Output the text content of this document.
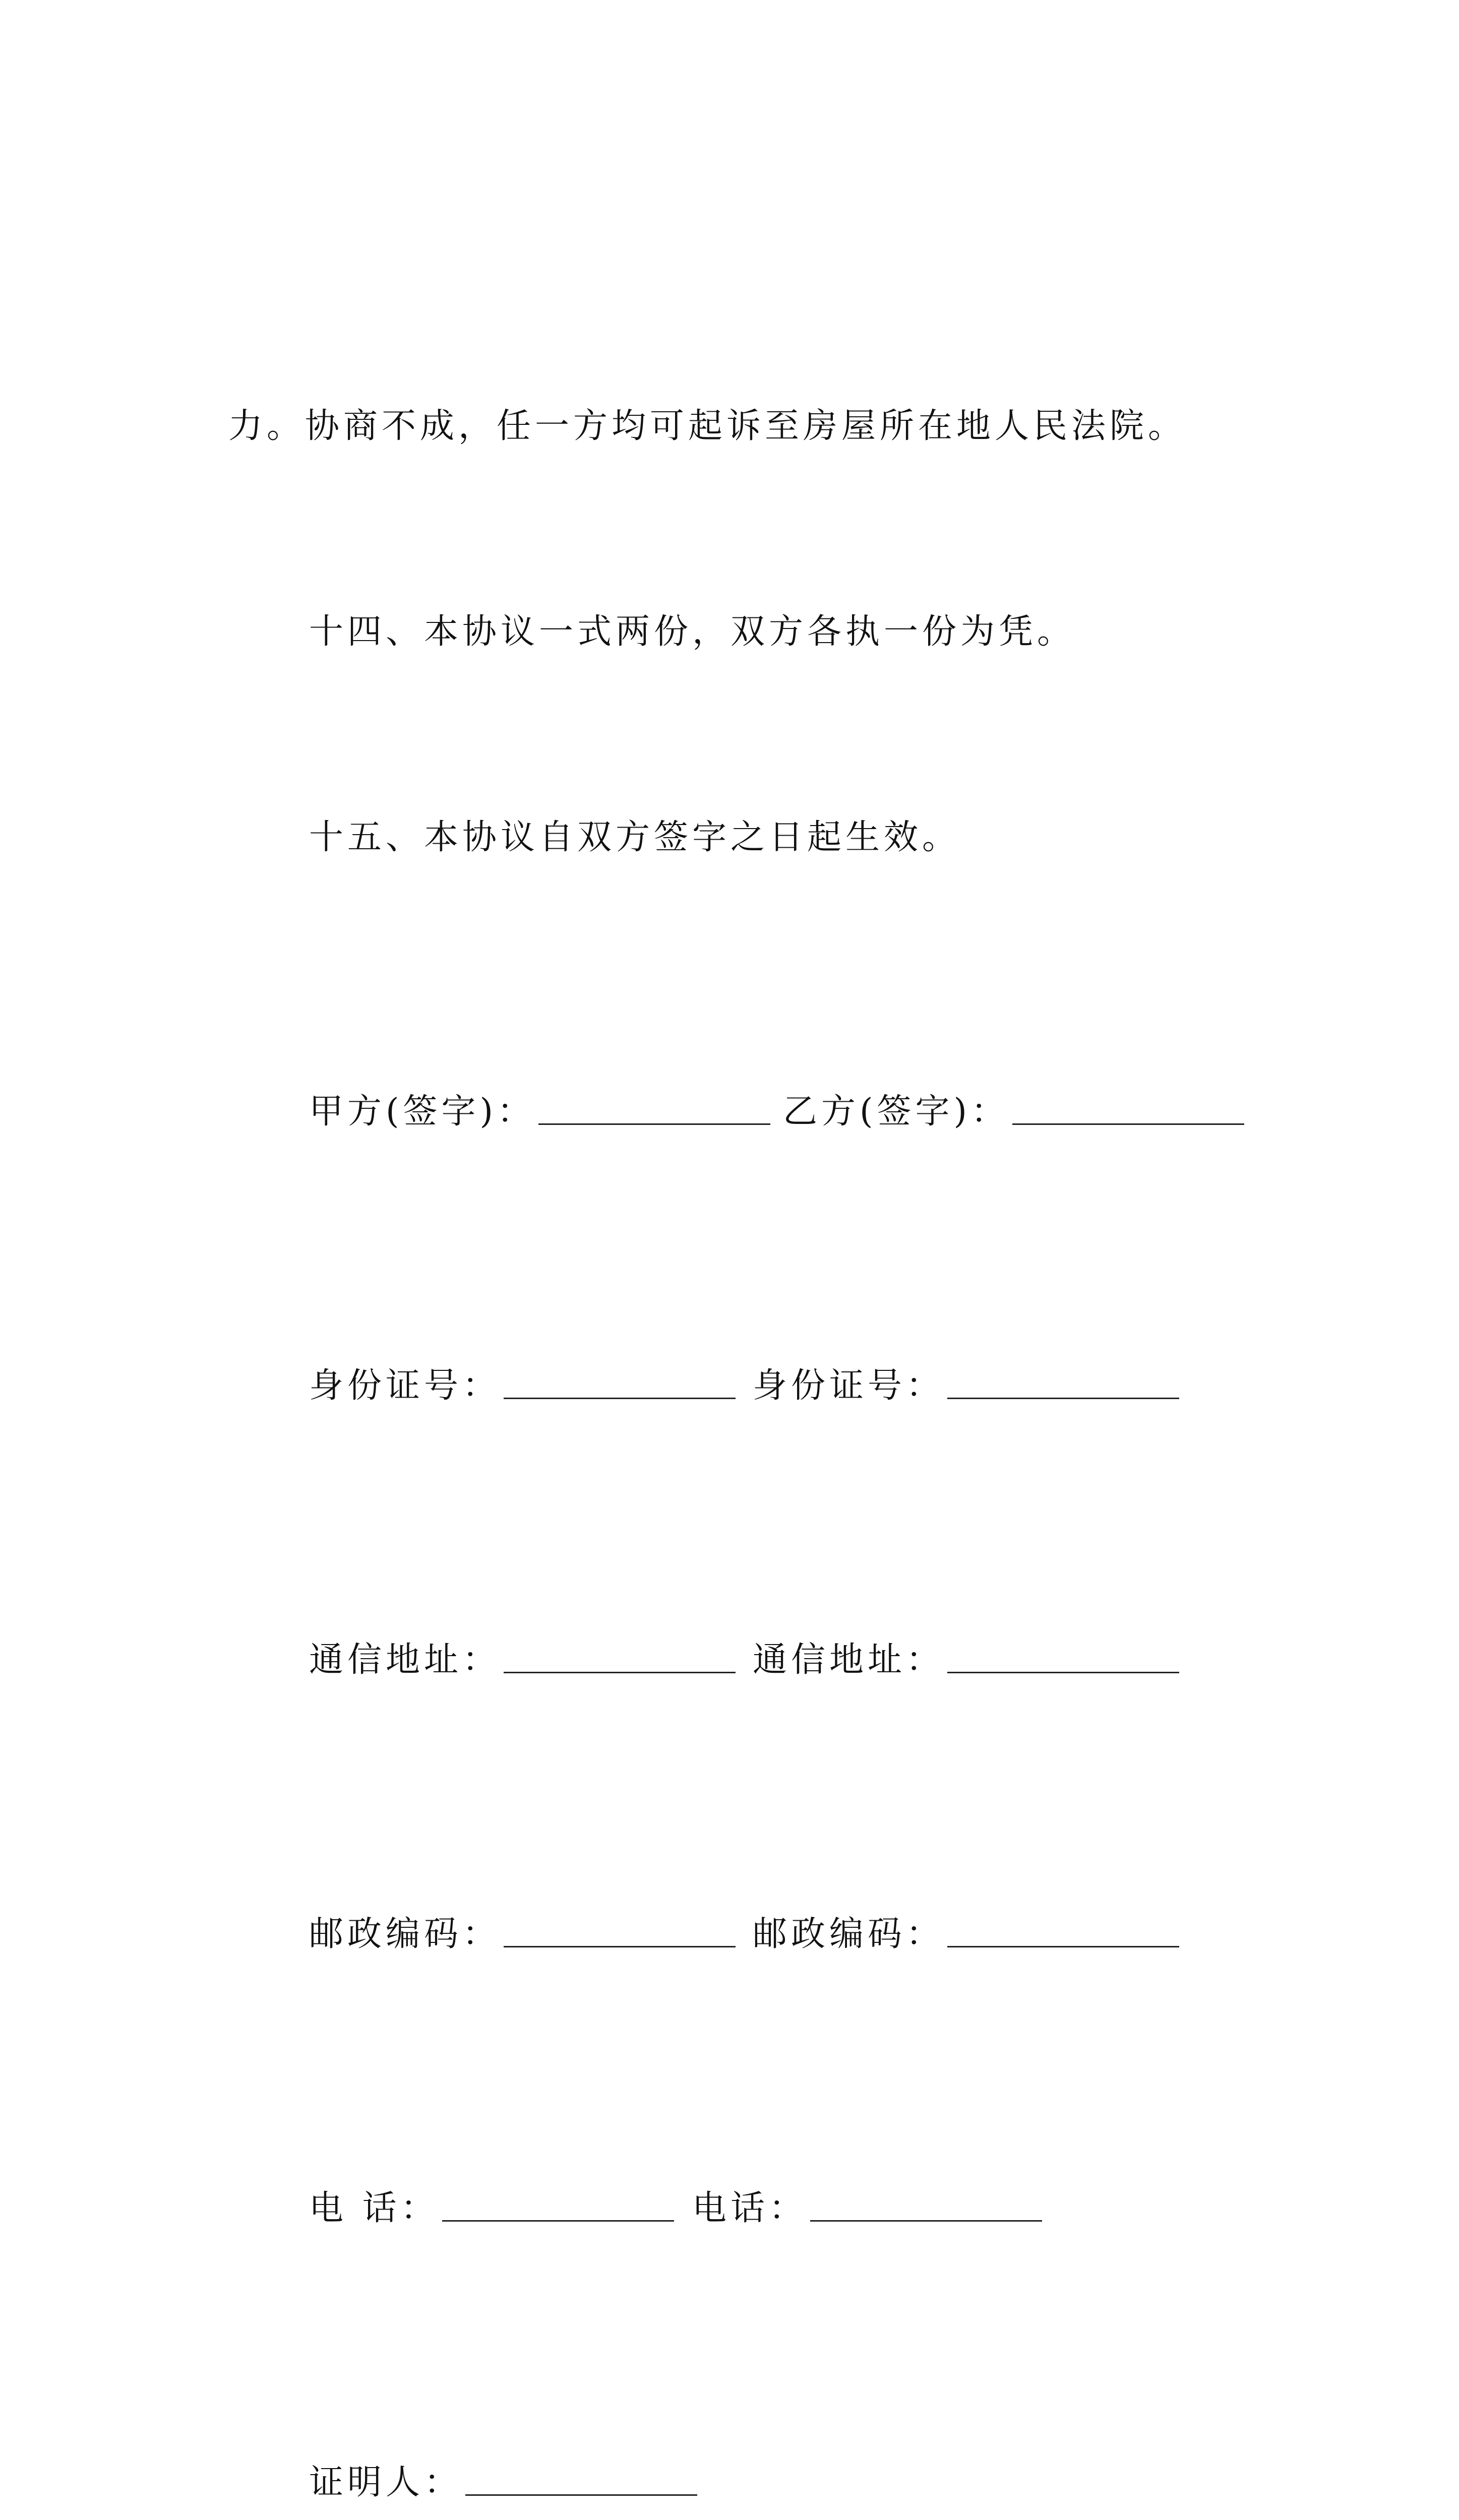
力。协商不成，任一方均可起诉至房屋所在地人民法院。

十四、本协议一式两份，双方各执一份为凭。

十五、本协议自双方签字之日起生效。

甲方(签字)：	乙方(签字)：

身份证号：	身份证号：

通信地址：	通信地址：

邮政编码：	邮政编码：

电 话：	电话：

证明人：
